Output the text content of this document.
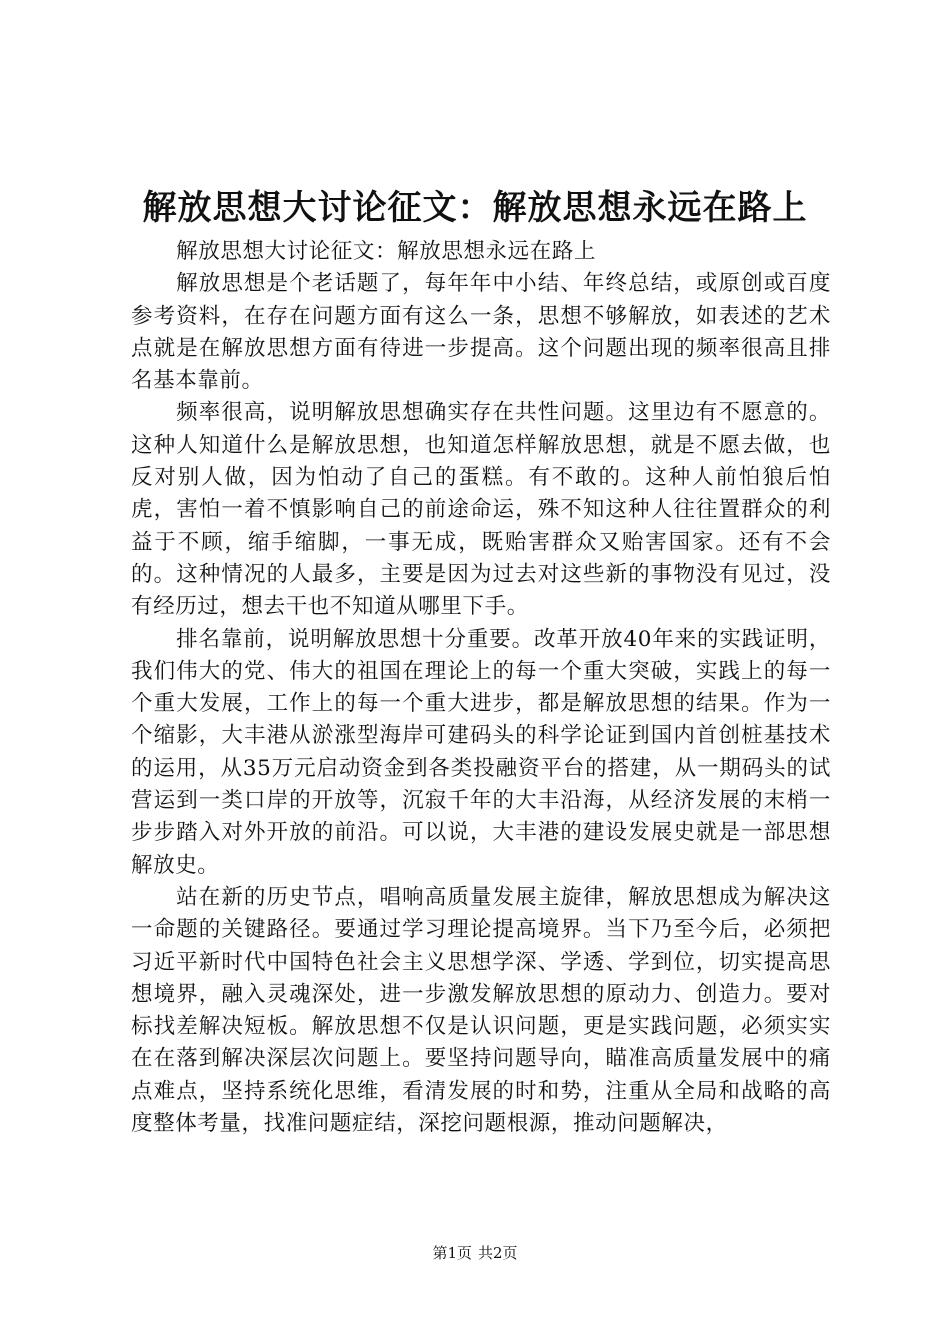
解放思想大讨论征文：解放思想永远在路上

解放思想大讨论征文：解放思想永远在路上

解放思想是个老话题了，每年年中小结、年终总结，或原创或百度参考资料，在存在问题方面有这么一条，思想不够解放，如表述的艺术点就是在解放思想方面有待进一步提高。这个问题出现的频率很高且排名基本靠前。

频率很高，说明解放思想确实存在共性问题。这里边有不愿意的。这种人知道什么是解放思想，也知道怎样解放思想，就是不愿去做，也反对别人做，因为怕动了自己的蛋糕。有不敢的。这种人前怕狼后怕虎，害怕一着不慎影响自己的前途命运，殊不知这种人往往置群众的利益于不顾，缩手缩脚，一事无成，既贻害群众又贻害国家。还有不会的。这种情况的人最多，主要是因为过去对这些新的事物没有见过，没有经历过，想去干也不知道从哪里下手。

排名靠前，说明解放思想十分重要。改革开放40年来的实践证明，我们伟大的党、伟大的祖国在理论上的每一个重大突破，实践上的每一个重大发展，工作上的每一个重大进步，都是解放思想的结果。作为一个缩影，大丰港从淤涨型海岸可建码头的科学论证到国内首创桩基技术的运用，从35万元启动资金到各类投融资平台的搭建，从一期码头的试营运到一类口岸的开放等，沉寂千年的大丰沿海，从经济发展的末梢一步步踏入对外开放的前沿。可以说，大丰港的建设发展史就是一部思想解放史。

站在新的历史节点，唱响高质量发展主旋律，解放思想成为解决这一命题的关键路径。要通过学习理论提高境界。当下乃至今后，必须把习近平新时代中国特色社会主义思想学深、学透、学到位，切实提高思想境界，融入灵魂深处，进一步激发解放思想的原动力、创造力。要对标找差解决短板。解放思想不仅是认识问题，更是实践问题，必须实实在在落到解决深层次问题上。要坚持问题导向，瞄准高质量发展中的痛点难点，坚持系统化思维，看清发展的时和势，注重从全局和战略的高度整体考量，找准问题症结，深挖问题根源，推动问题解决，

第1页 共2页
